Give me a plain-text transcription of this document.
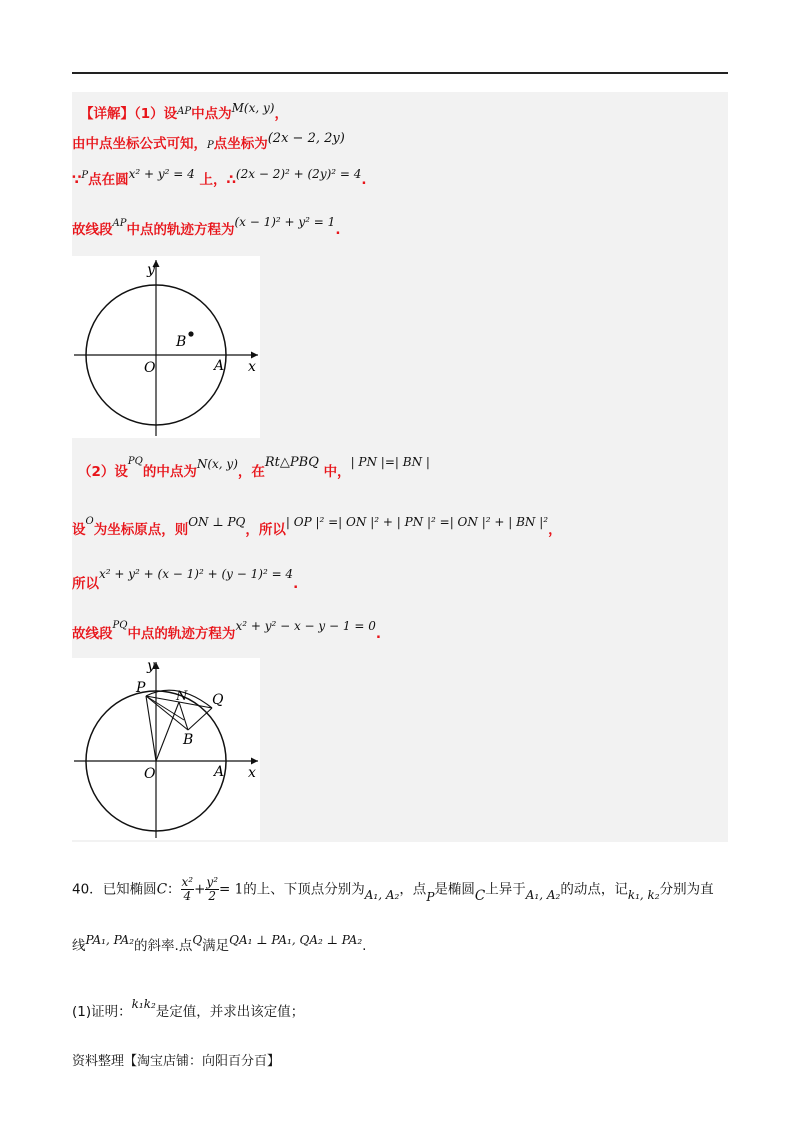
【详解】（1）设$^{AP}$中点为M(x, y)，
由中点坐标公式可知，P点坐标为(2x − 2, 2y)
∵$^P$点在圆x² + y² = 4 上，∴(2x − 2)² + (2y)² = 4.
故线段$^{AP}$中点的轨迹方程为(x − 1)² + y² = 1.
y
x
O	A
B
（2）设$^{PQ}$的中点为N(x, y)，在Rt△PBQ 中，| PN |=| BN |
设$^O$为坐标原点，则ON ⊥ PQ，所以| OP |² =| ON |² + | PN |² =| ON |² + | BN |²，
所以x² + y² + (x − 1)² + (y − 1)² = 4.
故线段$^{PQ}$中点的轨迹方程为x² + y² − x − y − 1 = 0.
y
x
O	A
B
P
N Q
40．已知椭圆C： $\frac{\text{x²}}{4} + \frac{\text{y²}}{2} = 1$的上、下顶点分别为A₁, A₂，点P是椭圆C上异于A₁, A₂的动点，记k₁, k₂分别为直
线PA₁, PA₂的斜率.点Q满足QA₁ ⊥ PA₁, QA₂ ⊥ PA₂.
(1)证明：k₁k₂是定值，并求出该定值；
资料整理【淘宝店铺：向阳百分百】
